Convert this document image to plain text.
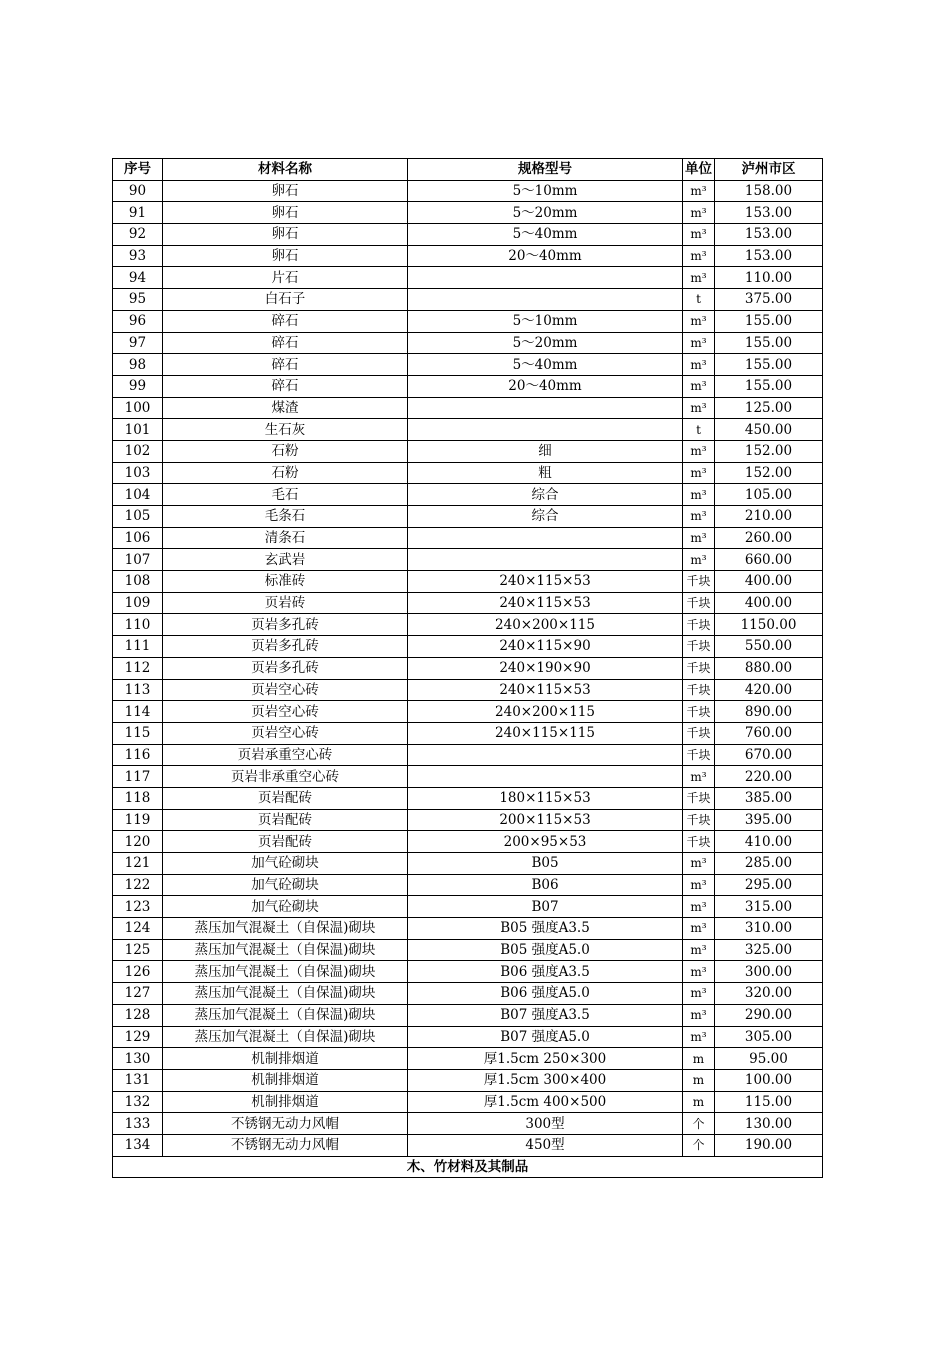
序号	材料名称	规格型号	单位	泸州市区
90	卵石	5～10mm	m³	158.00
91	卵石	5～20mm	m³	153.00
92	卵石	5～40mm	m³	153.00
93	卵石	20～40mm	m³	153.00
94	片石		m³	110.00
95	白石子		t	375.00
96	碎石	5～10mm	m³	155.00
97	碎石	5～20mm	m³	155.00
98	碎石	5～40mm	m³	155.00
99	碎石	20～40mm	m³	155.00
100	煤渣		m³	125.00
101	生石灰		t	450.00
102	石粉	细	m³	152.00
103	石粉	粗	m³	152.00
104	毛石	综合	m³	105.00
105	毛条石	综合	m³	210.00
106	清条石		m³	260.00
107	玄武岩		m³	660.00
108	标准砖	240×115×53	千块	400.00
109	页岩砖	240×115×53	千块	400.00
110	页岩多孔砖	240×200×115	千块	1150.00
111	页岩多孔砖	240×115×90	千块	550.00
112	页岩多孔砖	240×190×90	千块	880.00
113	页岩空心砖	240×115×53	千块	420.00
114	页岩空心砖	240×200×115	千块	890.00
115	页岩空心砖	240×115×115	千块	760.00
116	页岩承重空心砖		千块	670.00
117	页岩非承重空心砖		m³	220.00
118	页岩配砖	180×115×53	千块	385.00
119	页岩配砖	200×115×53	千块	395.00
120	页岩配砖	200×95×53	千块	410.00
121	加气砼砌块	B05	m³	285.00
122	加气砼砌块	B06	m³	295.00
123	加气砼砌块	B07	m³	315.00
124	蒸压加气混凝土（自保温)砌块	B05 强度A3.5	m³	310.00
125	蒸压加气混凝土（自保温)砌块	B05 强度A5.0	m³	325.00
126	蒸压加气混凝土（自保温)砌块	B06 强度A3.5	m³	300.00
127	蒸压加气混凝土（自保温)砌块	B06 强度A5.0	m³	320.00
128	蒸压加气混凝土（自保温)砌块	B07 强度A3.5	m³	290.00
129	蒸压加气混凝土（自保温)砌块	B07 强度A5.0	m³	305.00
130	机制排烟道	厚1.5cm 250×300	m	95.00
131	机制排烟道	厚1.5cm 300×400	m	100.00
132	机制排烟道	厚1.5cm 400×500	m	115.00
133	不锈钢无动力风帽	300型	个	130.00
134	不锈钢无动力风帽	450型	个	190.00
木、竹材料及其制品				
